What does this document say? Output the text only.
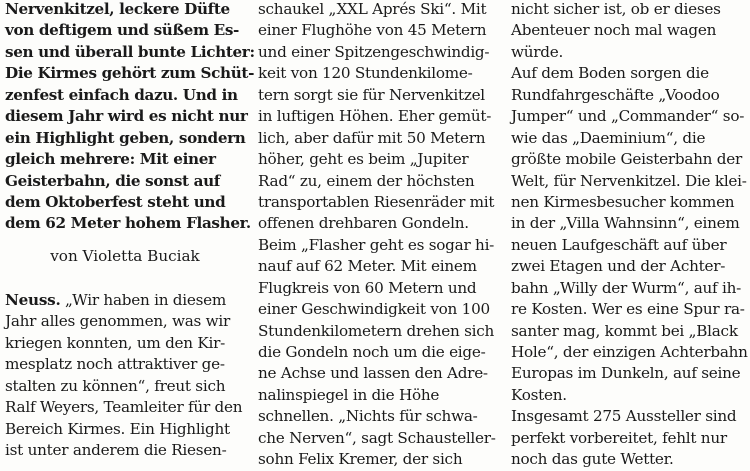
Nervenkitzel, leckere Düfte
von deftigem und süßem Es-
sen und überall bunte Lichter:
Die Kirmes gehört zum Schüt-
zenfest einfach dazu. Und in
diesem Jahr wird es nicht nur
ein Highlight geben, sondern
gleich mehrere: Mit einer
Geisterbahn, die sonst auf
dem Oktoberfest steht und
dem 62 Meter hohem Flasher.
von Violetta Buciak
Neuss. „Wir haben in diesem
Jahr alles genommen, was wir
kriegen konnten, um den Kir-
mesplatz noch attraktiver ge-
stalten zu können“, freut sich
Ralf Weyers, Teamleiter für den
Bereich Kirmes. Ein Highlight
ist unter anderem die Riesen-
schaukel „XXL Aprés Ski“. Mit
einer Flughöhe von 45 Metern
und einer Spitzengeschwindig-
keit von 120 Stundenkilome-
tern sorgt sie für Nervenkitzel
in luftigen Höhen. Eher gemüt-
lich, aber dafür mit 50 Metern
höher, geht es beim „Jupiter
Rad“ zu, einem der höchsten
transportablen Riesenräder mit
offenen drehbaren Gondeln.
Beim „Flasher geht es sogar hi-
nauf auf 62 Meter. Mit einem
Flugkreis von 60 Metern und
einer Geschwindigkeit von 100
Stundenkilometern drehen sich
die Gondeln noch um die eige-
ne Achse und lassen den Adre-
nalinspiegel in die Höhe
schnellen. „Nichts für schwa-
che Nerven“, sagt Schausteller-
sohn Felix Kremer, der sich
nicht sicher ist, ob er dieses
Abenteuer noch mal wagen
würde.
Auf dem Boden sorgen die
Rundfahrgeschäfte „Voodoo
Jumper“ und „Commander“ so-
wie das „Daeminium“, die
größte mobile Geisterbahn der
Welt, für Nervenkitzel. Die klei-
nen Kirmesbesucher kommen
in der „Villa Wahnsinn“, einem
neuen Laufgeschäft auf über
zwei Etagen und der Achter-
bahn „Willy der Wurm“, auf ih-
re Kosten. Wer es eine Spur ra-
santer mag, kommt bei „Black
Hole“, der einzigen Achterbahn
Europas im Dunkeln, auf seine
Kosten.
Insgesamt 275 Aussteller sind
perfekt vorbereitet, fehlt nur
noch das gute Wetter.
